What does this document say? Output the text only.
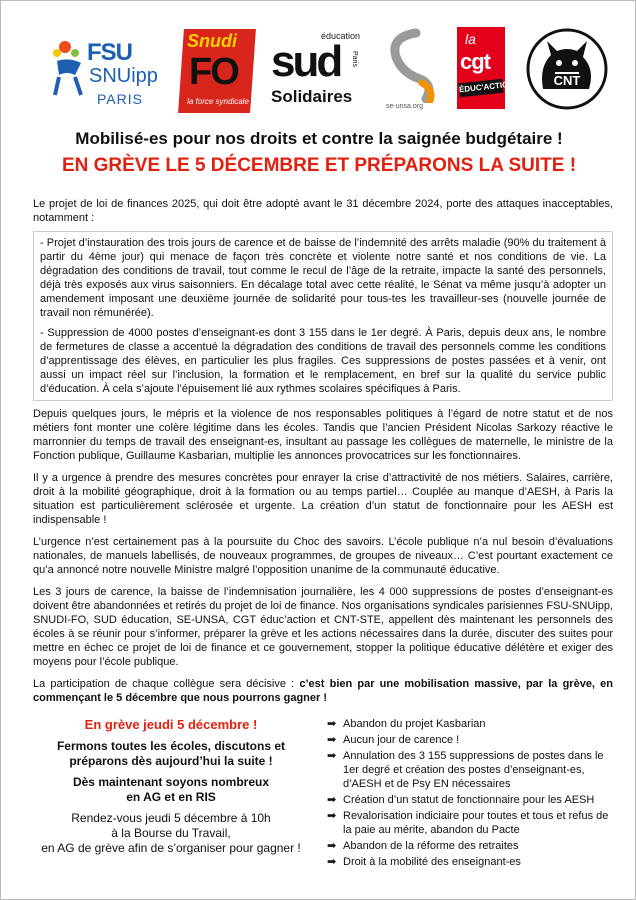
FSU
SNUipp
PARIS
Snudi
FO
la force syndicale
éducation
sud Paris
Solidaires
se-unsa.org
la
cgt
ÉDUC'ACTION	CNT
Mobilisé-es pour nos droits et contre la saignée budgétaire !
EN GRÈVE LE 5 DÉCEMBRE ET PRÉPARONS LA SUITE !

Le projet de loi de finances 2025, qui doit être adopté avant le 31 décembre 2024, porte des attaques inacceptables, notamment :

- Projet d’instauration des trois jours de carence et de baisse de l’indemnité des arrêts maladie (90% du traitement à partir du 4ème jour) qui menace de façon très concrète et violente notre santé et nos conditions de vie. La dégradation des conditions de travail, tout comme le recul de l’âge de la retraite, impacte la santé des personnels, déjà très exposés aux virus saisonniers. En décalage total avec cette réalité, le Sénat va même jusqu’à adopter un amendement imposant une deuxième journée de solidarité pour tous-tes les travailleur-ses (nouvelle journée de travail non rémunérée).

- Suppression de 4000 postes d’enseignant-es dont 3 155 dans le 1er degré. À Paris, depuis deux ans, le nombre de fermetures de classe a accentué la dégradation des conditions de travail des personnels comme les conditions d’apprentissage des élèves, en particulier les plus fragiles. Ces suppressions de postes passées et à venir, ont aussi un impact réel sur l’inclusion, la formation et le remplacement, en bref sur la qualité du service public d’éducation. À cela s’ajoute l’épuisement lié aux rythmes scolaires spécifiques à Paris.

Depuis quelques jours, le mépris et la violence de nos responsables politiques à l’égard de notre statut et de nos métiers font monter une colère légitime dans les écoles. Tandis que l’ancien Président Nicolas Sarkozy réactive le marronnier du temps de travail des enseignant-es, insultant au passage les collègues de maternelle, le ministre de la Fonction publique, Guillaume Kasbarian, multiplie les annonces provocatrices sur les fonctionnaires.

Il y a urgence à prendre des mesures concrètes pour enrayer la crise d’attractivité de nos métiers. Salaires, carrière, droit à la mobilité géographique, droit à la formation ou au temps partiel… Couplée au manque d’AESH, à Paris la situation est particulièrement sclérosée et urgente. La création d’un statut de fonctionnaire pour les AESH est indispensable !

L’urgence n’est certainement pas à la poursuite du Choc des savoirs. L’école publique n’a nul besoin d’évaluations nationales, de manuels labellisés, de nouveaux programmes, de groupes de niveaux… C’est pourtant exactement ce qu’a annoncé notre nouvelle Ministre malgré l’opposition unanime de la communauté éducative.

Les 3 jours de carence, la baisse de l’indemnisation journalière, les 4 000 suppressions de postes d’enseignant-es doivent être abandonnées et retirés du projet de loi de finance. Nos organisations syndicales parisiennes FSU-SNUipp, SNUDI-FO, SUD éducation, SE-UNSA, CGT éduc’action et CNT-STE, appellent dès maintenant les personnels des écoles à se réunir pour s’informer, préparer la grève et les actions nécessaires dans la durée, discuter des suites pour mettre en échec ce projet de loi de finance et ce gouvernement, stopper la politique éducative délétère et exiger des moyens pour l’école publique.

La participation de chaque collègue sera décisive : c’est bien par une mobilisation massive, par la grève, en commençant le 5 décembre que nous pourrons gagner !

En grève jeudi 5 décembre !
Fermons toutes les écoles, discutons et
préparons dès aujourd’hui la suite !
Dès maintenant soyons nombreux
en AG et en RIS
Rendez-vous jeudi 5 décembre à 10h
à la Bourse du Travail,
en AG de grève afin de s’organiser pour gagner !
➡ Abandon du projet Kasbarian
➡ Aucun jour de carence !
➡ Annulation des 3 155 suppressions de postes dans le 1er degré et création des postes d’enseignant-es, d’AESH et de Psy EN nécessaires
➡ Création d’un statut de fonctionnaire pour les AESH
➡ Revalorisation indiciaire pour toutes et tous et refus de la paie au mérite, abandon du Pacte
➡ Abandon de la réforme des retraites
➡ Droit à la mobilité des enseignant-es
